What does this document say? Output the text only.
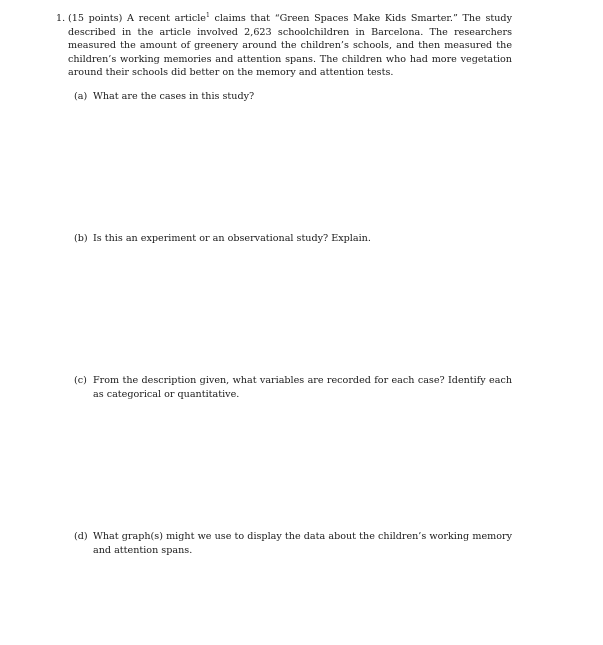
1. (15 points) A recent article$^1$ claims that “Green Spaces Make Kids Smarter.” The study described in the article involved 2,623 schoolchildren in Barcelona. The researchers measured the amount of greenery around the children’s schools, and then measured the children’s working memories and attention spans. The children who had more vegetation around their schools did better on the memory and attention tests.
(a) What are the cases in this study?
(b) Is this an experiment or an observational study? Explain.
(c) From the description given, what variables are recorded for each case? Identify each as categorical or quantitative.
(d) What graph(s) might we use to display the data about the children’s working memory and attention spans.
